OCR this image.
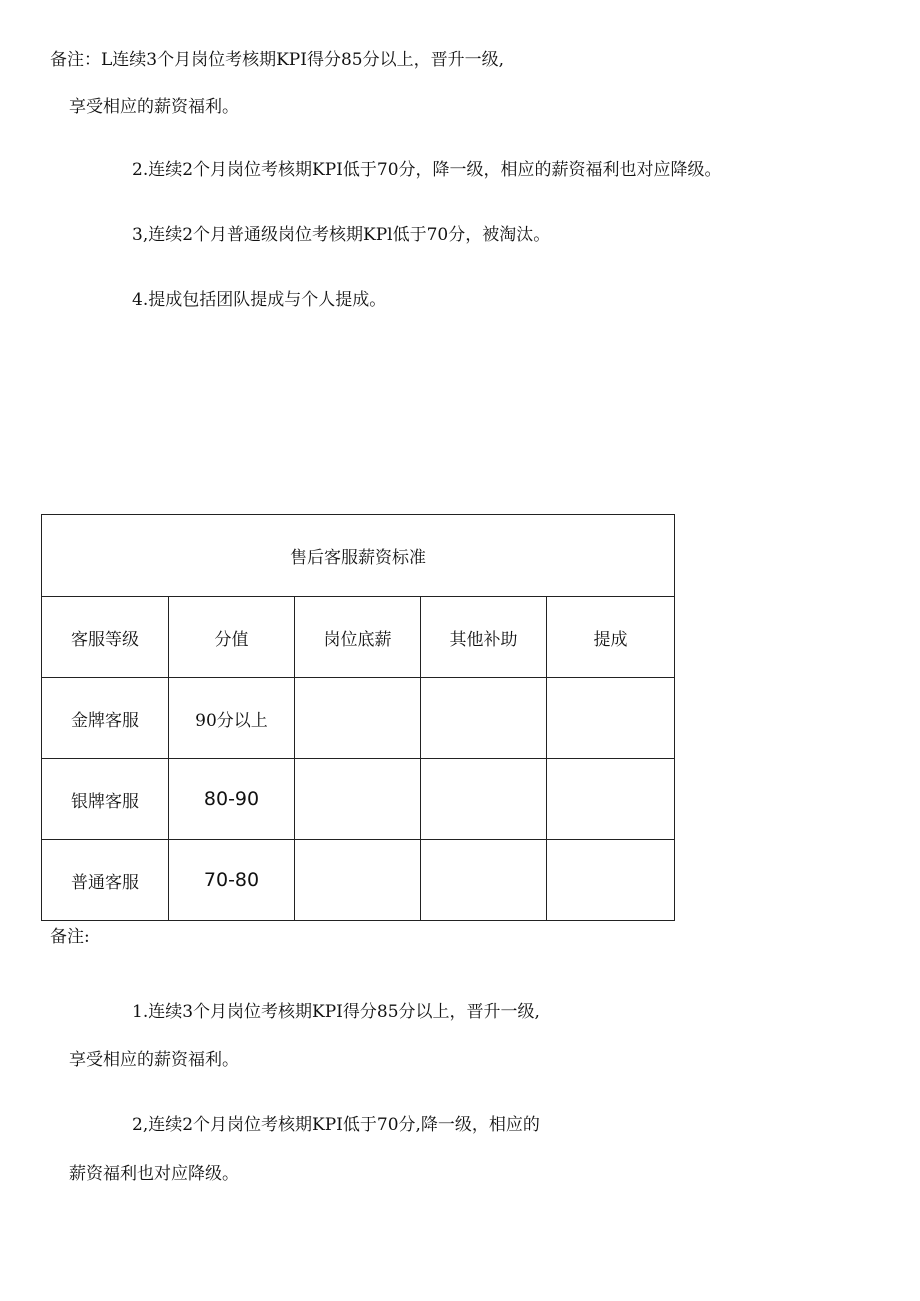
备注：L连续3个月岗位考核期KPI得分85分以上，晋升一级,
享受相应的薪资福利。
2.连续2个月岗位考核期KPI低于70分，降一级，相应的薪资福利也对应降级。
3,连续2个月普通级岗位考核期KPl低于70分，被淘汰。
4.提成包括团队提成与个人提成。
售后客服薪资标准				
客服等级	分值	岗位底薪	其他补助	提成
金牌客服	90分以上			
银牌客服	80-90			
普通客服	70-80			
备注:
1.连续3个月岗位考核期KPI得分85分以上，晋升一级,
享受相应的薪资福利。
2,连续2个月岗位考核期KPI低于70分,降一级，相应的
薪资福利也对应降级。
